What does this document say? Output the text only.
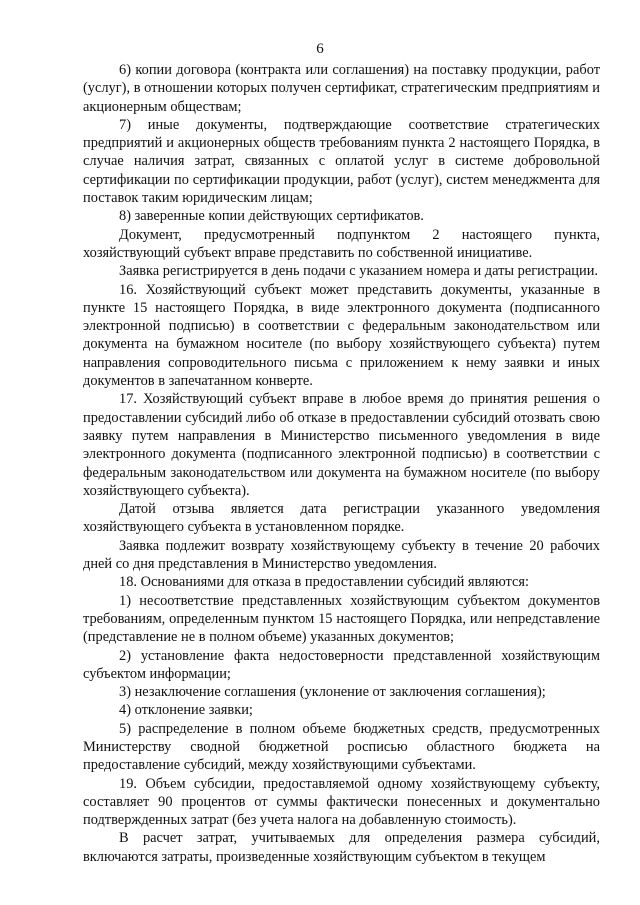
6

6) копии договора (контракта или соглашения) на поставку продукции, работ (услуг), в отношении которых получен сертификат, стратегическим предприятиям и акционерным обществам;

7) иные документы, подтверждающие соответствие стратегических предприятий и акционерных обществ требованиям пункта 2 настоящего Порядка, в случае наличия затрат, связанных с оплатой услуг в системе добровольной сертификации по сертификации продукции, работ (услуг), систем менеджмента для поставок таким юридическим лицам;

8) заверенные копии действующих сертификатов.

Документ, предусмотренный подпунктом 2 настоящего пункта, хозяйствующий субъект вправе представить по собственной инициативе.

Заявка регистрируется в день подачи с указанием номера и даты регистрации.

16. Хозяйствующий субъект может представить документы, указанные в пункте 15 настоящего Порядка, в виде электронного документа (подписанного электронной подписью) в соответствии с федеральным законодательством или документа на бумажном носителе (по выбору хозяйствующего субъекта) путем направления сопроводительного письма с приложением к нему заявки и иных документов в запечатанном конверте.

17. Хозяйствующий субъект вправе в любое время до принятия решения о предоставлении субсидий либо об отказе в предоставлении субсидий отозвать свою заявку путем направления в Министерство письменного уведомления в виде электронного документа (подписанного электронной подписью) в соответствии с федеральным законодательством или документа на бумажном носителе (по выбору хозяйствующего субъекта).

Датой отзыва является дата регистрации указанного уведомления хозяйствующего субъекта в установленном порядке.

Заявка подлежит возврату хозяйствующему субъекту в течение 20 рабочих дней со дня представления в Министерство уведомления.

18. Основаниями для отказа в предоставлении субсидий являются:

1) несоответствие представленных хозяйствующим субъектом документов требованиям, определенным пунктом 15 настоящего Порядка, или непредставление (представление не в полном объеме) указанных документов;

2) установление факта недостоверности представленной хозяйствующим субъектом информации;

3) незаключение соглашения (уклонение от заключения соглашения);

4) отклонение заявки;

5) распределение в полном объеме бюджетных средств, предусмотренных Министерству сводной бюджетной росписью областного бюджета на предоставление субсидий, между хозяйствующими субъектами.

19. Объем субсидии, предоставляемой одному хозяйствующему субъекту, составляет 90 процентов от суммы фактически понесенных и документально подтвержденных затрат (без учета налога на добавленную стоимость).

В расчет затрат, учитываемых для определения размера субсидий, включаются затраты, произведенные хозяйствующим субъектом в текущем
